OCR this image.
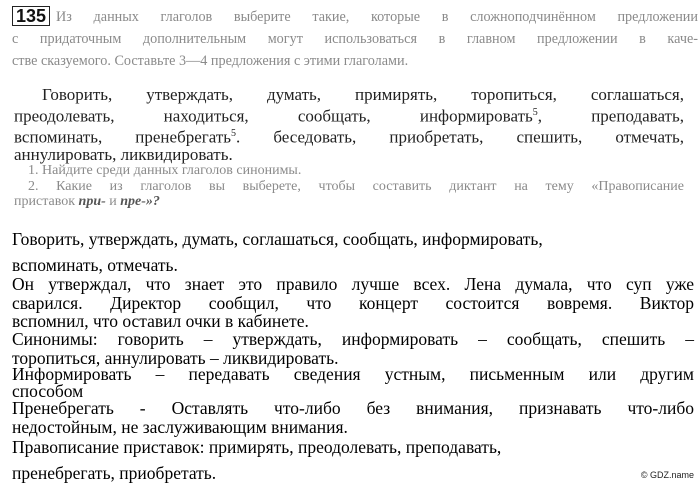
135 Из данных глаголов выберите такие, которые в сложноподчинённом предложении
с придаточным дополнительным могут использоваться в главном предложении в каче-
стве сказуемого. Составьте 3—4 предложения с этими глаголами.
Говорить, утверждать, думать, примирять, торопиться, соглашаться,
преодолевать, находиться, сообщать, информировать$^5$, преподавать,
вспоминать, пренебрегать$^5$. беседовать, приобретать, спешить, отмечать,
аннулировать, ликвидировать.
1. Найдите среди данных глаголов синонимы.
2. Какие из глаголов вы выберете, чтобы составить диктант на тему «Правописание
приставок при- и пре-»?
Говорить, утверждать, думать, соглашаться, сообщать, информировать,
вспоминать, отмечать.
Он утверждал, что знает это правило лучше всех. Лена думала, что суп уже
сварился. Директор сообщил, что концерт состоится вовремя. Виктор
вспомнил, что оставил очки в кабинете.
Синонимы: говорить – утверждать, информировать – сообщать, спешить –
торопиться, аннулировать – ликвидировать.
Информировать – передавать сведения устным, письменным или другим
способом
Пренебрегать - Оставлять что-либо без внимания, признавать что-либо
недостойным, не заслуживающим внимания.
Правописание приставок: примирять, преодолевать, преподавать,
пренебрегать, приобретать.	© GDZ.name
